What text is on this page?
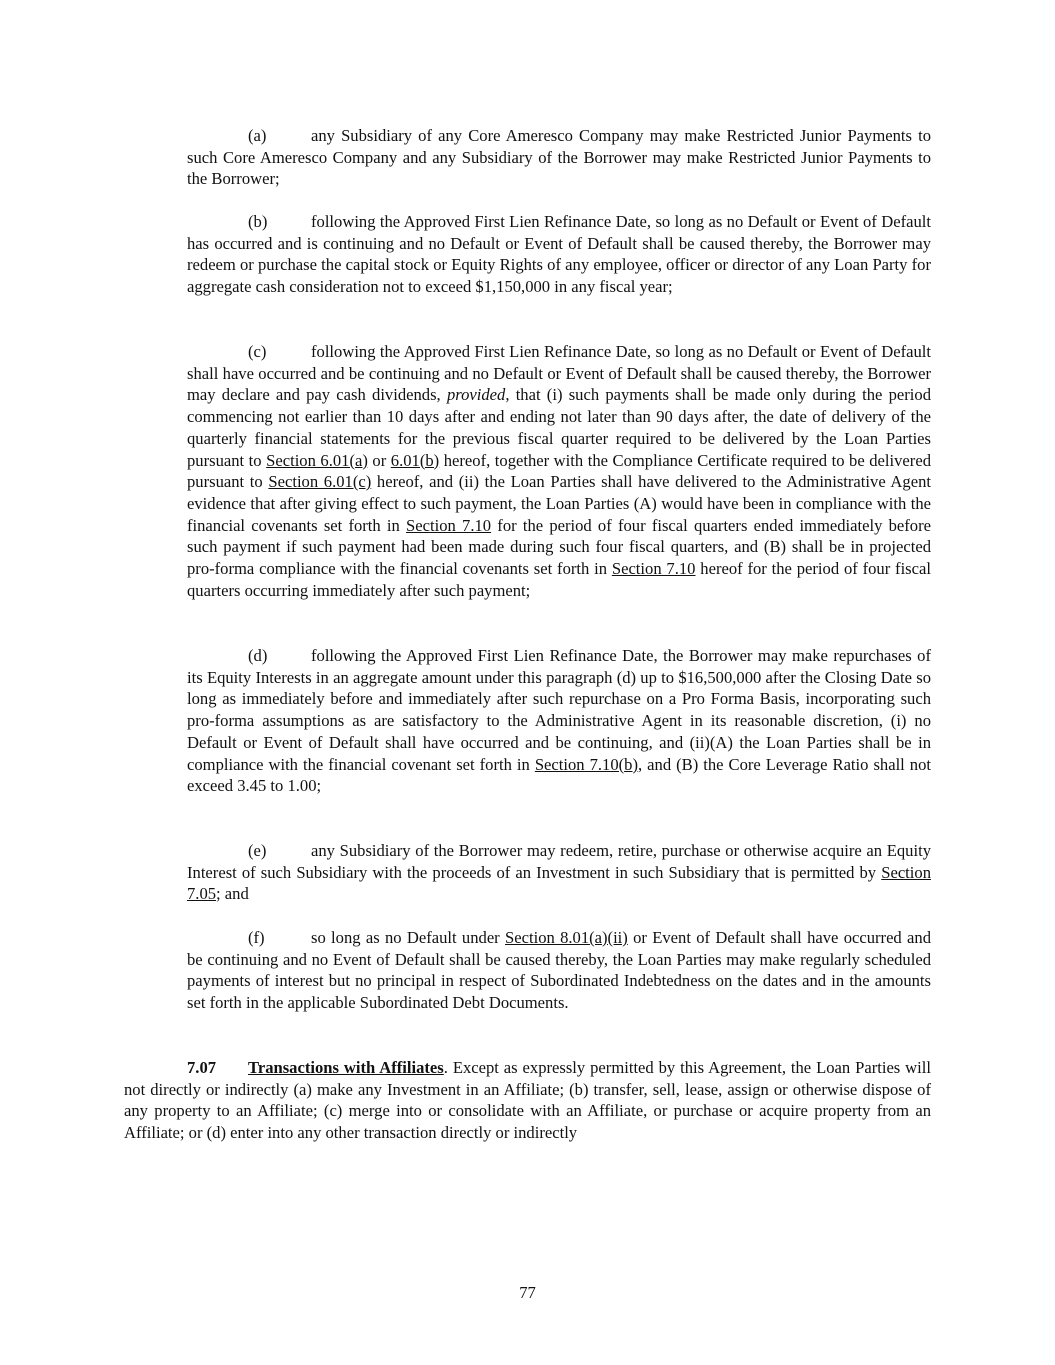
(a)	any Subsidiary of any Core Ameresco Company may make Restricted Junior Payments to such Core Ameresco Company and any Subsidiary of the Borrower may make Restricted Junior Payments to the Borrower;

(b)	following the Approved First Lien Refinance Date, so long as no Default or Event of Default has occurred and is continuing and no Default or Event of Default shall be caused thereby, the Borrower may redeem or purchase the capital stock or Equity Rights of any employee, officer or director of any Loan Party for aggregate cash consideration not to exceed $1,150,000 in any fiscal year;

(c)	following the Approved First Lien Refinance Date, so long as no Default or Event of Default shall have occurred and be continuing and no Default or Event of Default shall be caused thereby, the Borrower may declare and pay cash dividends, provided, that (i) such payments shall be made only during the period commencing not earlier than 10 days after and ending not later than 90 days after, the date of delivery of the quarterly financial statements for the previous fiscal quarter required to be delivered by the Loan Parties pursuant to Section 6.01(a) or 6.01(b) hereof, together with the Compliance Certificate required to be delivered pursuant to Section 6.01(c) hereof, and (ii) the Loan Parties shall have delivered to the Administrative Agent evidence that after giving effect to such payment, the Loan Parties (A) would have been in compliance with the financial covenants set forth in Section 7.10 for the period of four fiscal quarters ended immediately before such payment if such payment had been made during such four fiscal quarters, and (B) shall be in projected pro-forma compliance with the financial covenants set forth in Section 7.10 hereof for the period of four fiscal quarters occurring immediately after such payment;

(d)	following the Approved First Lien Refinance Date, the Borrower may make repurchases of its Equity Interests in an aggregate amount under this paragraph (d) up to $16,500,000 after the Closing Date so long as immediately before and immediately after such repurchase on a Pro Forma Basis, incorporating such pro-forma assumptions as are satisfactory to the Administrative Agent in its reasonable discretion, (i) no Default or Event of Default shall have occurred and be continuing, and (ii)(A) the Loan Parties shall be in compliance with the financial covenant set forth in Section 7.10(b), and (B) the Core Leverage Ratio shall not exceed 3.45 to 1.00;

(e)	any Subsidiary of the Borrower may redeem, retire, purchase or otherwise acquire an Equity Interest of such Subsidiary with the proceeds of an Investment in such Subsidiary that is permitted by Section 7.05; and

(f)	so long as no Default under Section 8.01(a)(ii) or Event of Default shall have occurred and be continuing and no Event of Default shall be caused thereby, the Loan Parties may make regularly scheduled payments of interest but no principal in respect of Subordinated Indebtedness on the dates and in the amounts set forth in the applicable Subordinated Debt Documents.

7.07 Transactions with Affiliates. Except as expressly permitted by this Agreement, the Loan Parties will not directly or indirectly (a) make any Investment in an Affiliate; (b) transfer, sell, lease, assign or otherwise dispose of any property to an Affiliate; (c) merge into or consolidate with an Affiliate, or purchase or acquire property from an Affiliate; or (d) enter into any other transaction directly or indirectly

77
